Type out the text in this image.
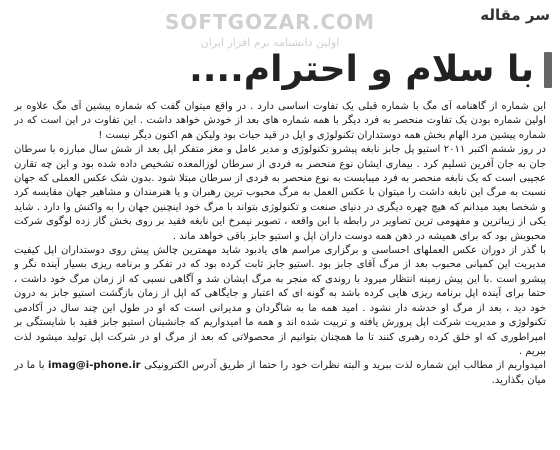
سر مقاله
SOFTGOZAR.COM
اولین دانشنامه نرم افزار ایران
با سلام و احترام....

این شماره از گاهنامه آی مگ با شماره قبلی یک تفاوت اساسی دارد . در واقع میتوان گفت که شماره پیشین آی مگ علاوه بر اولین شماره بودن یک تفاوت منحصر به فرد دیگر با همه شماره های بعد از خودش خواهد داشت . این تفاوت در این است که در شماره پیشین مرد الهام بخش همه دوستداران تکنولوژی و اپل در قید حیات بود ولیکن هم اکنون دیگر نیست !

در روز ششم اکتبر ۲۰۱۱ استیو پل جابز نابغه پیشرو تکنولوژی و مدیر عامل و مغز متفکر اپل بعد از شش سال مبارزه با سرطان جان به جان آفرین تسلیم کرد . بیماری ایشان نوع منحصر به فردی از سرطان لوزالمعده تشخیص داده شده بود و این چه تقارن عجیبی است که یک نابغه منحصر به فرد میبایست به نوع منحصر به فردی از سرطان مبتلا شود .بدون شک عکس العملی که جهان نسبت به مرگ این نابغه داشت را میتوان با عکس العمل به مرگ محبوب ترین رهبران و یا هنرمندان و مشاهیر جهان مقایسه کرد و شخصا بعید میدانم که هیچ چهره دیگری در دنیای صنعت و تکنولوژی بتواند با مرگ خود اینچنین جهان را به واکنش وا دارد . شاید یکی از زیباترین و مفهومی ترین تصاویر در رابطه با این واقعه ، تصویر نیمرخ این نابغه فقید بر روی بخش گاز زده لوگوی شرکت محبوبش بود که برای همیشه در ذهن همه دوست داران اپل و استیو جابز باقی خواهد ماند .

با گذر از دوران عکس العملهای احساسی و برگزاری مراسم های یادبود شاید مهمترین چالش پیش روی دوستداران اپل کیفیت مدیریت این کمپانی محبوب بعد از مرگ آقای جابز بود .استیو جابز ثابت کرده بود که در تفکر و برنامه ریزی بسیار آینده نگر و پیشرو است .با این پیش زمینه انتظار میرود با روندی که منجر به مرگ ایشان شد و آگاهی نسبی که از زمان مرگ خود داشت ، حتما برای آینده اپل برنامه ریزی هایی کرده باشد به گونه ای که اعتبار و جایگاهی که اپل از زمان بازگشت استیو جابز به درون خود دید ، بعد از مرگ او خدشه دار نشود . امید همه ما به شاگردان و مدیرانی است که او در طول این چند سال در آکادمی تکنولوژی و مدیریت شرکت اپل پرورش یافته و تربیت شده اند و همه ما امیدواریم که جانشینان استیو جابز فقید با شایستگی بر امپراطوری که او خلق کرده رهبری کنند تا ما همچنان بتوانیم از محصولاتی که بعد از مرگ او در شرکت اپل تولید میشود لذت ببریم .

امیدواریم از مطالب این شماره لذت ببرید و البته نظرات خود را حتما از طریق آدرس الکترونیکی imag@i-phone.ir با ما در میان بگذارید.
